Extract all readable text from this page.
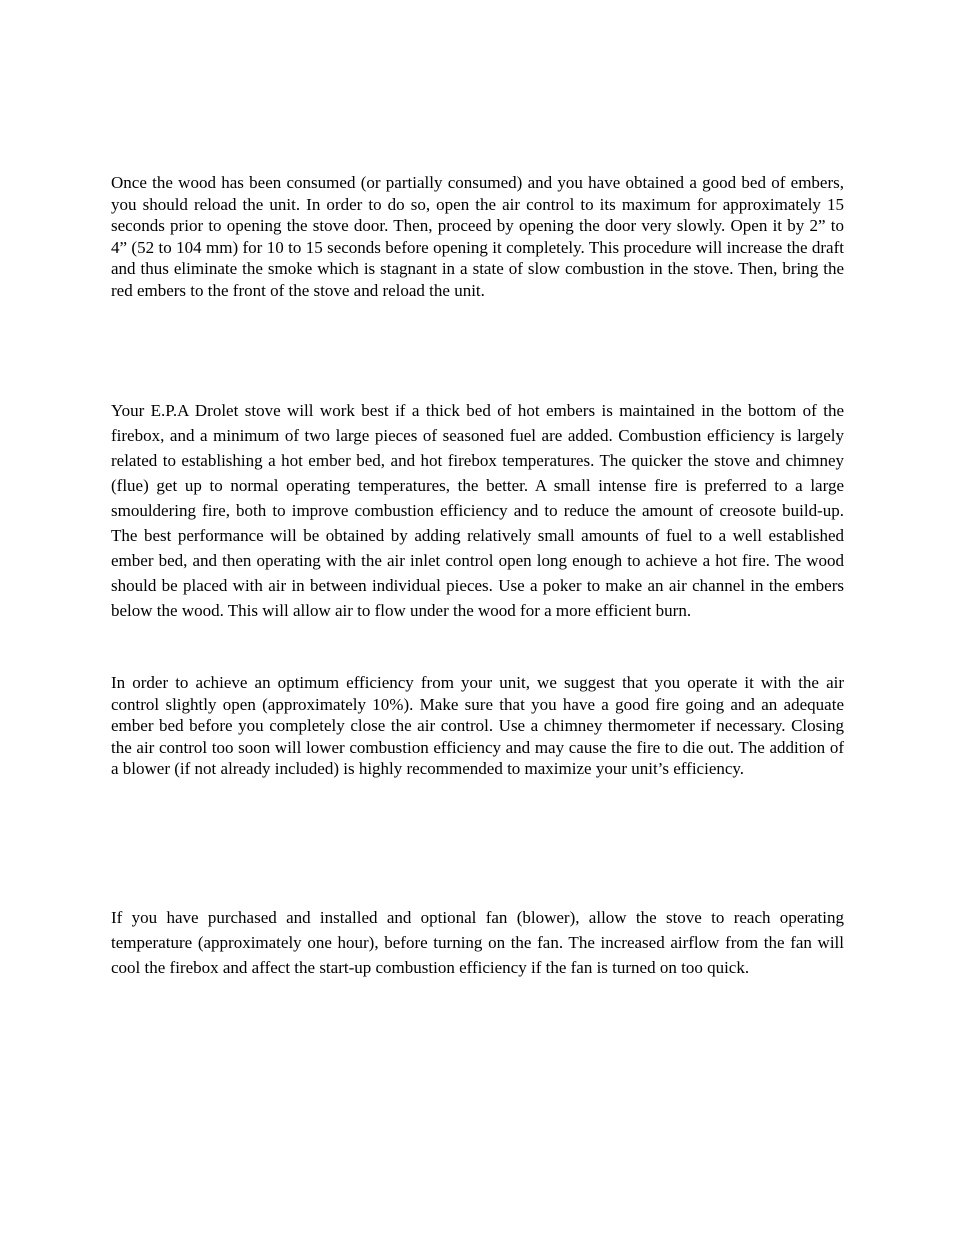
Once the wood has been consumed (or partially consumed) and you have obtained a good bed of embers, you should reload the unit. In order to do so, open the air control to its maximum for approximately 15 seconds prior to opening the stove door. Then, proceed by opening the door very slowly. Open it by 2” to 4” (52 to 104 mm) for 10 to 15 seconds before opening it completely. This procedure will increase the draft and thus eliminate the smoke which is stagnant in a state of slow combustion in the stove. Then, bring the red embers to the front of the stove and reload the unit.

Your E.P.A Drolet stove will work best if a thick bed of hot embers is maintained in the bottom of the firebox, and a minimum of two large pieces of seasoned fuel are added. Combustion efficiency is largely related to establishing a hot ember bed, and hot firebox temperatures. The quicker the stove and chimney (flue) get up to normal operating temperatures, the better. A small intense fire is preferred to a large smouldering fire, both to improve combustion efficiency and to reduce the amount of creosote build-up. The best performance will be obtained by adding relatively small amounts of fuel to a well established ember bed, and then operating with the air inlet control open long enough to achieve a hot fire. The wood should be placed with air in between individual pieces. Use a poker to make an air channel in the embers below the wood. This will allow air to flow under the wood for a more efficient burn.

In order to achieve an optimum efficiency from your unit, we suggest that you operate it with the air control slightly open (approximately 10%). Make sure that you have a good fire going and an adequate ember bed before you completely close the air control. Use a chimney thermometer if necessary. Closing the air control too soon will lower combustion efficiency and may cause the fire to die out. The addition of a blower (if not already included) is highly recommended to maximize your unit’s efficiency.

If you have purchased and installed and optional fan (blower), allow the stove to reach operating temperature (approximately one hour), before turning on the fan. The increased airflow from the fan will cool the firebox and affect the start-up combustion efficiency if the fan is turned on too quick.
